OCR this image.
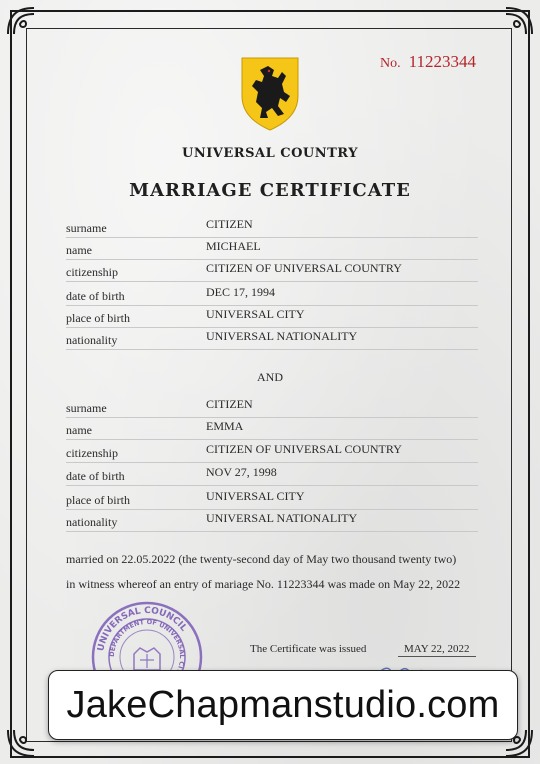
No. 11223344
UNIVERSAL COUNTRY
MARRIAGE CERTIFICATE
surname	CITIZEN
name	MICHAEL
citizenship	CITIZEN OF UNIVERSAL COUNTRY
date of birth	DEC 17, 1994
place of birth	UNIVERSAL CITY
nationality	UNIVERSAL NATIONALITY
AND
surname	CITIZEN
name	EMMA
citizenship	CITIZEN OF UNIVERSAL COUNTRY
date of birth	NOV 27, 1998
place of birth	UNIVERSAL CITY
nationality	UNIVERSAL NATIONALITY
married on 22.05.2022 (the twenty-second day of May two thousand twenty two)
in witness whereof an entry of mariage No. 11223344 was made on May 22, 2022
UNIVERSAL COUNCIL
DEPARTMENT OF UNIVERSAL CI
The Certificate was issued	MAY 22, 2022
JakeChapmanstudio.com
